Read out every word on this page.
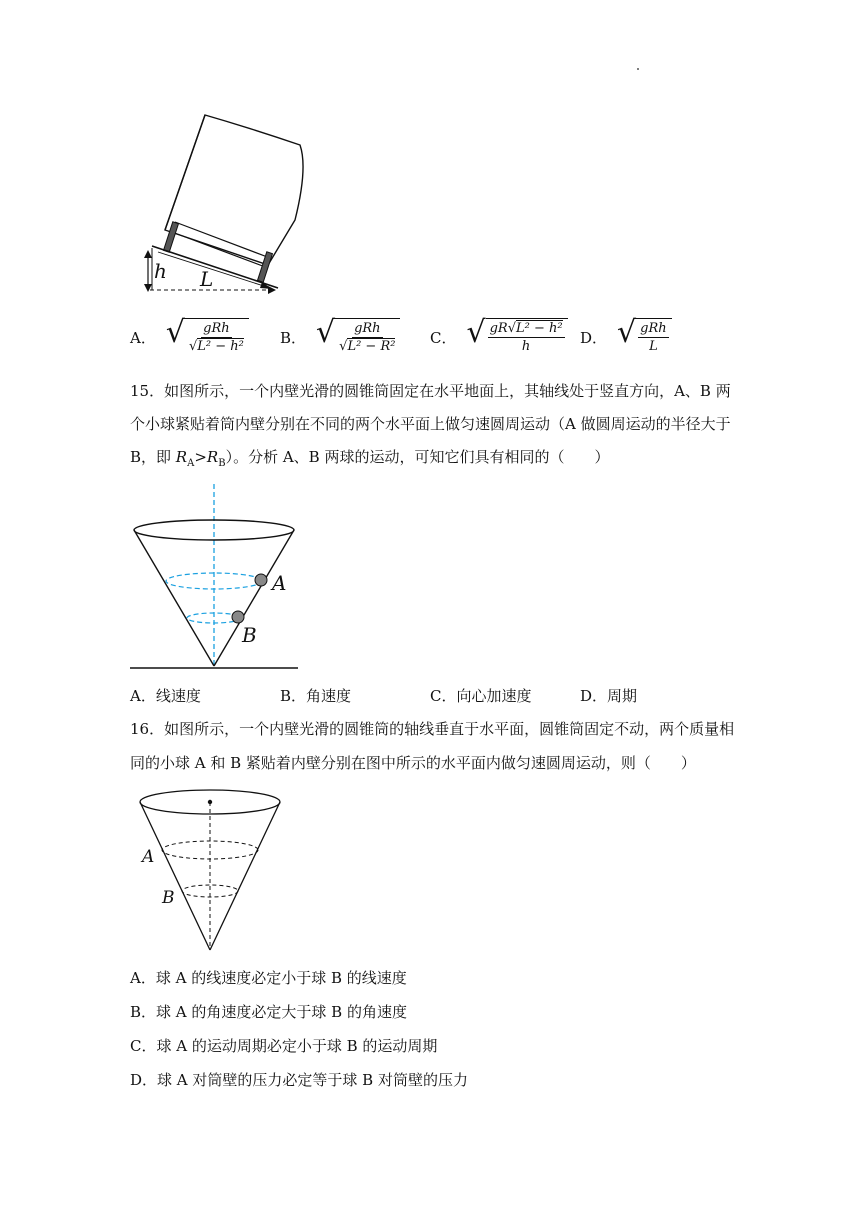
h L
A． √ $\frac{\text{gRh}}{\text{√L² − h²}}$ B． √ $\frac{\text{gRh}}{\text{√L² − R²}}$ C． √ $\frac{\text{gR√L² − h²}}{h}$ D． √ $\frac{\text{gRh}}{L}$
15．如图所示，一个内壁光滑的圆锥筒固定在水平地面上，其轴线处于竖直方向，A、B 两
个小球紧贴着筒内壁分别在不同的两个水平面上做匀速圆周运动（A 做圆周运动的半径大于
B，即 $R_A>R_B$）。分析 A、B 两球的运动，可知它们具有相同的（　　）
A
B
A．线速度	B．角速度	C．向心加速度	D．周期
16．如图所示，一个内壁光滑的圆锥筒的轴线垂直于水平面，圆锥筒固定不动，两个质量相
同的小球 A 和 B 紧贴着内壁分别在图中所示的水平面内做匀速圆周运动，则（　　）
A
B
A．球 A 的线速度必定小于球 B 的线速度
B．球 A 的角速度必定大于球 B 的角速度
C．球 A 的运动周期必定小于球 B 的运动周期
D．球 A 对筒壁的压力必定等于球 B 对筒壁的压力
